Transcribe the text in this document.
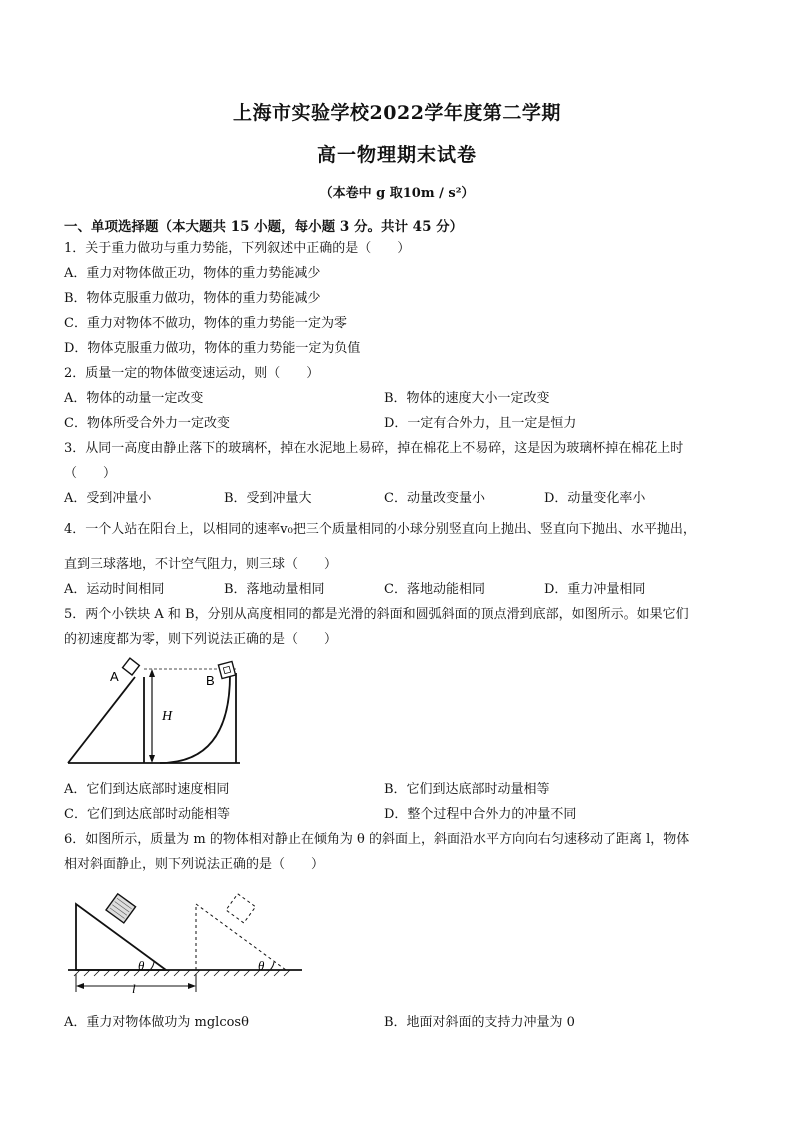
上海市实验学校2022学年度第二学期
高一物理期末试卷
（本卷中 g 取10m / s²）
一、单项选择题（本大题共 15 小题，每小题 3 分。共计 45 分）
1．关于重力做功与重力势能，下列叙述中正确的是（　　）
A．重力对物体做正功，物体的重力势能减少
B．物体克服重力做功，物体的重力势能减少
C．重力对物体不做功，物体的重力势能一定为零
D．物体克服重力做功，物体的重力势能一定为负值
2．质量一定的物体做变速运动，则（　　）
A．物体的动量一定改变	B．物体的速度大小一定改变
C．物体所受合外力一定改变	D．一定有合外力，且一定是恒力
3．从同一高度由静止落下的玻璃杯，掉在水泥地上易碎，掉在棉花上不易碎，这是因为玻璃杯掉在棉花上时
（　　）
A．受到冲量小	B．受到冲量大	C．动量改变量小	D．动量变化率小
4．一个人站在阳台上，以相同的速率v₀把三个质量相同的小球分别竖直向上抛出、竖直向下抛出、水平抛出，
直到三球落地，不计空气阻力，则三球（　　）
A．运动时间相同	B．落地动量相同	C．落地动能相同	D．重力冲量相同
5．两个小铁块 A 和 B，分别从高度相同的都是光滑的斜面和圆弧斜面的顶点滑到底部，如图所示。如果它们
的初速度都为零，则下列说法正确的是（　　）
A	B
H
A．它们到达底部时速度相同	B．它们到达底部时动量相等
C．它们到达底部时动能相等	D．整个过程中合外力的冲量不同
6．如图所示，质量为 m 的物体相对静止在倾角为 θ 的斜面上，斜面沿水平方向向右匀速移动了距离 l，物体
相对斜面静止，则下列说法正确的是（　　）
θ	θ
l
A．重力对物体做功为 mglcosθ	B．地面对斜面的支持力冲量为 0
